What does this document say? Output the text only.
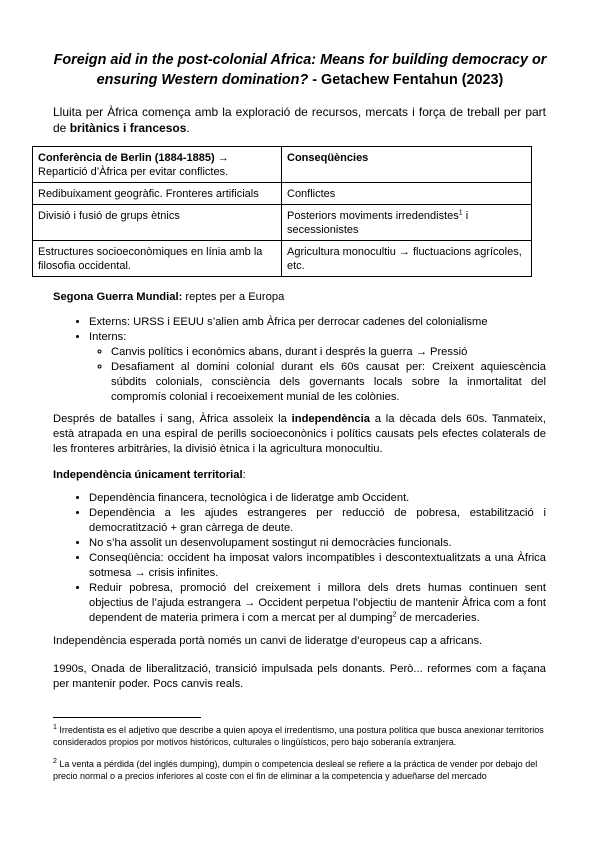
Foreign aid in the post-colonial Africa: Means for building democracy or ensuring Western domination? - Getachew Fentahun (2023)
Lluita per Àfrica comença amb la exploració de recursos, mercats i força de treball per part de britànics i francesos.
Conferència de Berlin (1884-1885) →
Repartició d’Àfrica per evitar conflictes.	Conseqüències
Redibuixament geogràfic. Fronteres artificials	Conflictes
Divisió i fusió de grups ètnics	Posteriors moviments irredendistes$^1$ i secessionistes
Estructures socioeconòmiques en línia amb la filosofia occidental.	Agricultura monocultiu → fluctuacions agrícoles, etc.
Segona Guerra Mundial: reptes per a Europa
• Externs: URSS i EEUU s’alien amb Àfrica per derrocar cadenes del colonialisme
• Interns:
◦ Canvis polítics i econòmics abans, durant i després la guerra → Pressió
◦ Desafiament al domini colonial durant els 60s causat per: Creixent aquiescència súbdits colonials, consciència dels governants locals sobre la inmortalitat del compromís colonial i recoeixement munial de les colònies.
Després de batalles i sang, Àfrica assoleix la independència a la dècada dels 60s. Tanmateix, està atrapada en una espiral de perills socioeconònics i polítics causats pels efectes colaterals de les fronteres arbitràries, la divisió ètnica i la agricultura monocultiu.
Independència únicament territorial:
• Dependència financera, tecnològica i de lideratge amb Occident.
• Dependència a les ajudes estrangeres per reducció de pobresa, estabilització i democratització + gran càrrega de deute.
• No s’ha assolit un desenvolupament sostingut ni democràcies funcionals.
• Conseqüència: occident ha imposat valors incompatibles i descontextualitzats a una Àfrica sotmesa → crisis infinites.
• Reduir pobresa, promoció del creixement i millora dels drets humas continuen sent objectius de l’ajuda estrangera → Occident perpetua l’objectiu de mantenir Àfrica com a font dependent de materia primera i com a mercat per al dumping$^2$ de mercaderies.
Independència esperada portà només un canvi de lideratge d’europeus cap a africans.
1990s, Onada de liberalització, transició impulsada pels donants. Però... reformes com a façana per mantenir poder. Pocs canvis reals.
$^1$ Irredentista es el adjetivo que describe a quien apoya el irredentismo, una postura política que busca anexionar territorios considerados propios por motivos históricos, culturales o lingüísticos, pero bajo soberanía extranjera.
$^2$ La venta a pérdida (del inglés dumping), dumpin o competencia desleal se refiere a la práctica de vender por debajo del precio normal o a precios inferiores al coste con el fin de eliminar a la competencia y adueñarse del mercado
